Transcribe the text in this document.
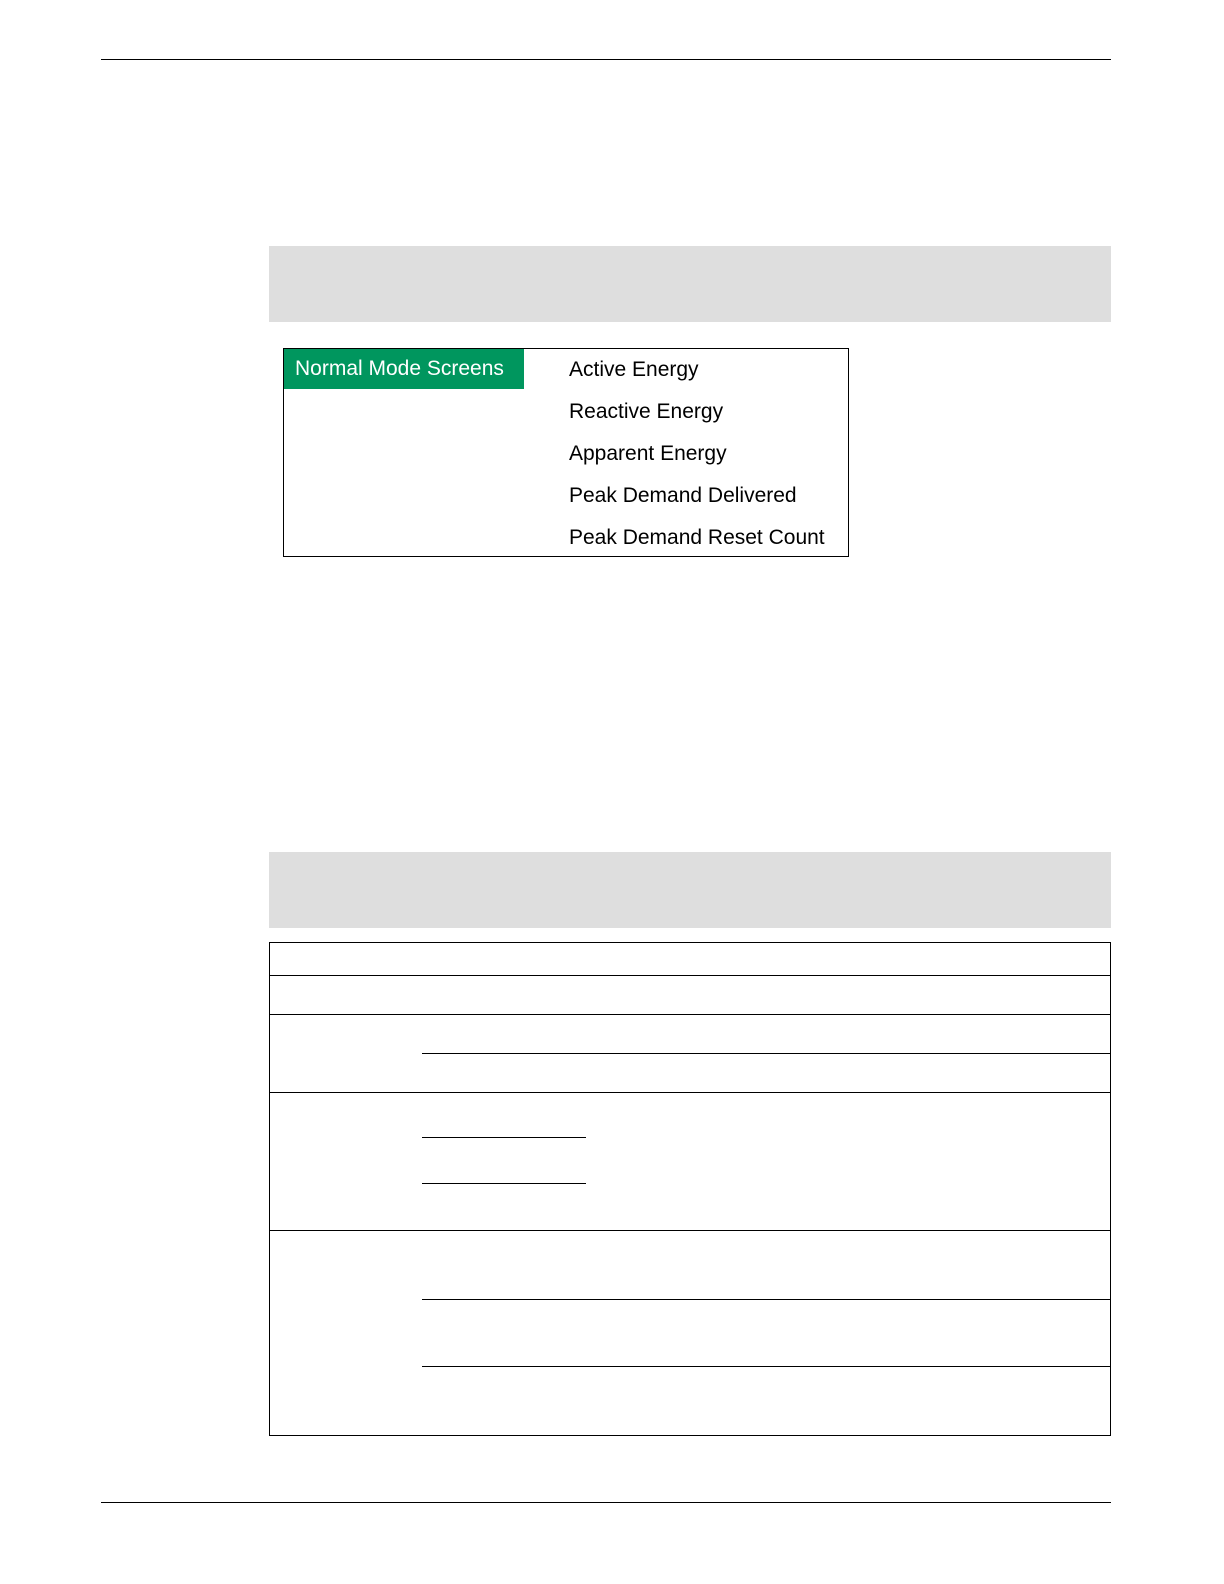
Normal Mode Screens	Active Energy
Reactive Energy
Apparent Energy
Peak Demand Delivered
Peak Demand Reset Count
